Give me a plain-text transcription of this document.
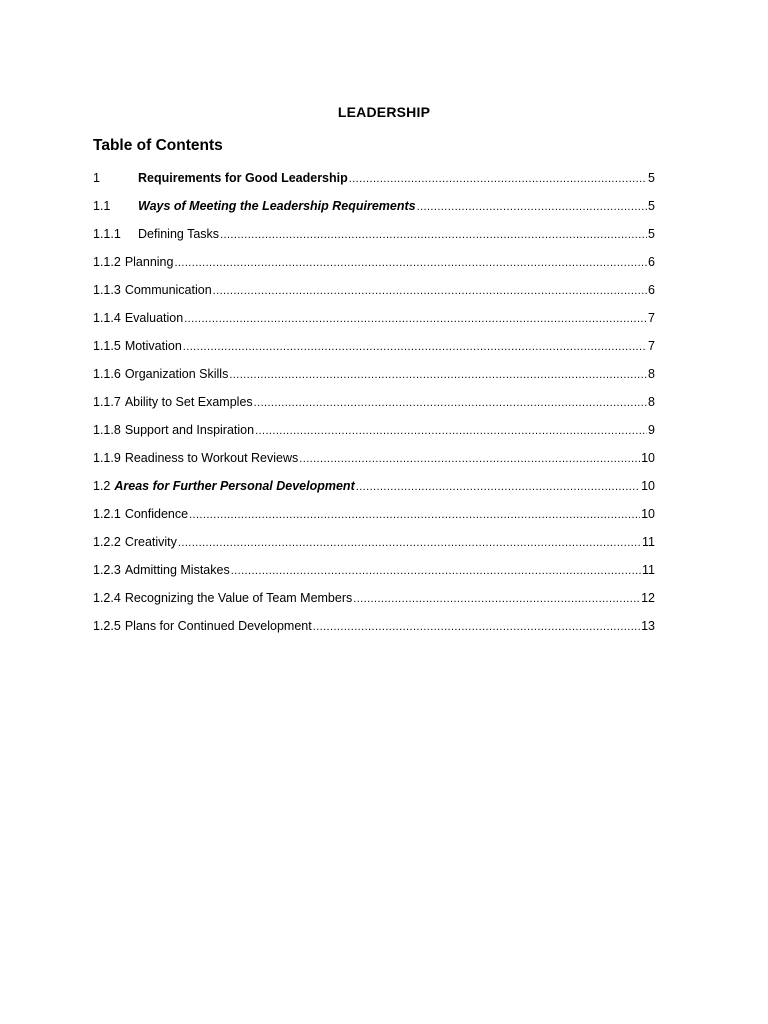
LEADERSHIP
Table of Contents
1	Requirements for Good Leadership .....	5
1.1	Ways of Meeting the Leadership Requirements .....	5
1.1.1	Defining Tasks .....	5
1.1.2 Planning .....	6
1.1.3 Communication .....	6
1.1.4 Evaluation .....	7
1.1.5 Motivation .....	7
1.1.6 Organization Skills .....	8
1.1.7 Ability to Set Examples .....	8
1.1.8 Support and Inspiration .....	9
1.1.9 Readiness to Workout Reviews .....	10
1.2 Areas for Further Personal Development .....	10
1.2.1 Confidence .....	10
1.2.2 Creativity .....	11
1.2.3 Admitting Mistakes .....	11
1.2.4 Recognizing the Value of Team Members .....	12
1.2.5 Plans for Continued Development .....	13
